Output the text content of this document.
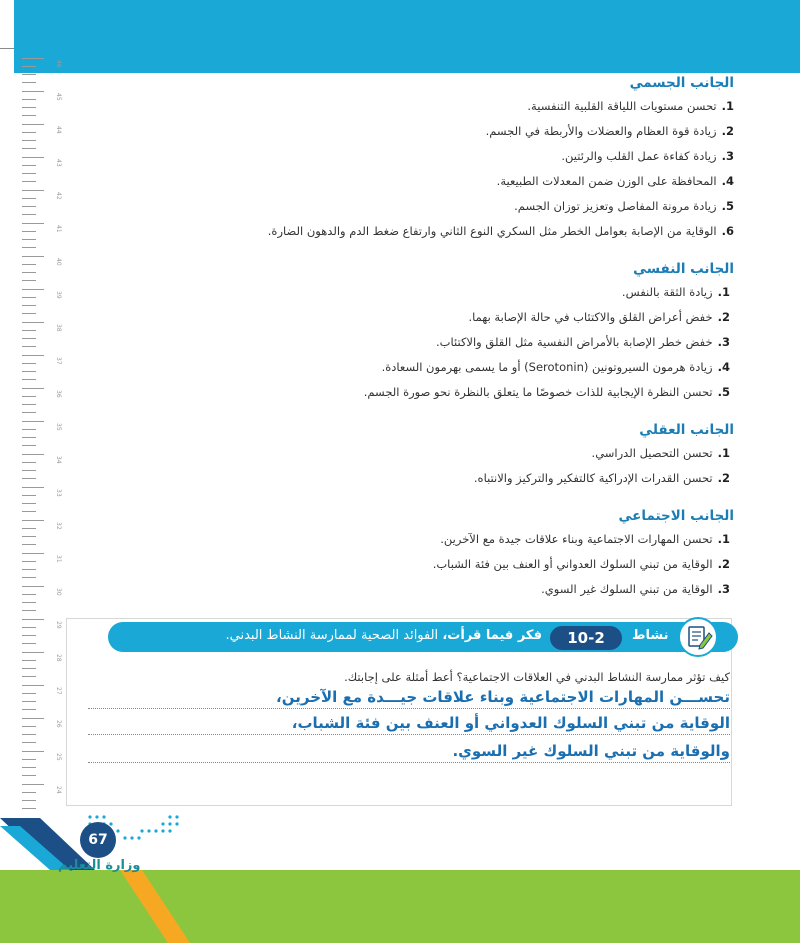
46
45
44
43
42
41
40
39
38
37
36
35
34
33
32
31
30
29
28
27
26
25
24
الجانب الجسمي
1.تحسن مستويات اللياقة القلبية التنفسية.
2.زيادة قوة العظام والعضلات والأربطة في الجسم.
3.زيادة كفاءة عمل القلب والرئتين.
4.المحافظة على الوزن ضمن المعدلات الطبيعية.
5.زيادة مرونة المفاصل وتعزيز توزان الجسم.
6.الوقاية من الإصابة بعوامل الخطر مثل السكري النوع الثاني وارتفاع ضغط الدم والدهون الضارة.
الجانب النفسي
1.زيادة الثقة بالنفس.
2.خفض أعراض القلق والاكتئاب في حالة الإصابة بهما.
3.خفض خطر الإصابة بالأمراض النفسية مثل القلق والاكتئاب.
4.زيادة هرمون السيروتونين (Serotonin) أو ما يسمى بهرمون السعادة.
5.تحسن النظرة الإيجابية للذات خصوصًا ما يتعلق بالنظرة نحو صورة الجسم.
الجانب العقلي
1.تحسن التحصيل الدراسي.
2.تحسن القدرات الإدراكية كالتفكير والتركيز والانتباه.
الجانب الاجتماعي
1.تحسن المهارات الاجتماعية وبناء علاقات جيدة مع الآخرين.
2.الوقاية من تبني السلوك العدواني أو العنف بين فئة الشباب.
3.الوقاية من تبني السلوك غير السوي.
نشاط
10-2
فكر فيما قرأت، الفوائد الصحية لممارسة النشاط البدني.
كيف تؤثر ممارسة النشاط البدني في العلاقات الاجتماعية؟ أعط أمثلة على إجابتك.
تحســـن المهارات الاجتماعية وبناء علاقات جيـــدة مع الآخرين،
الوقاية من تبني السلوك العدواني أو العنف بين فئة الشباب،
والوقاية من تبني السلوك غير السوي.
67
وزارة التعليم
